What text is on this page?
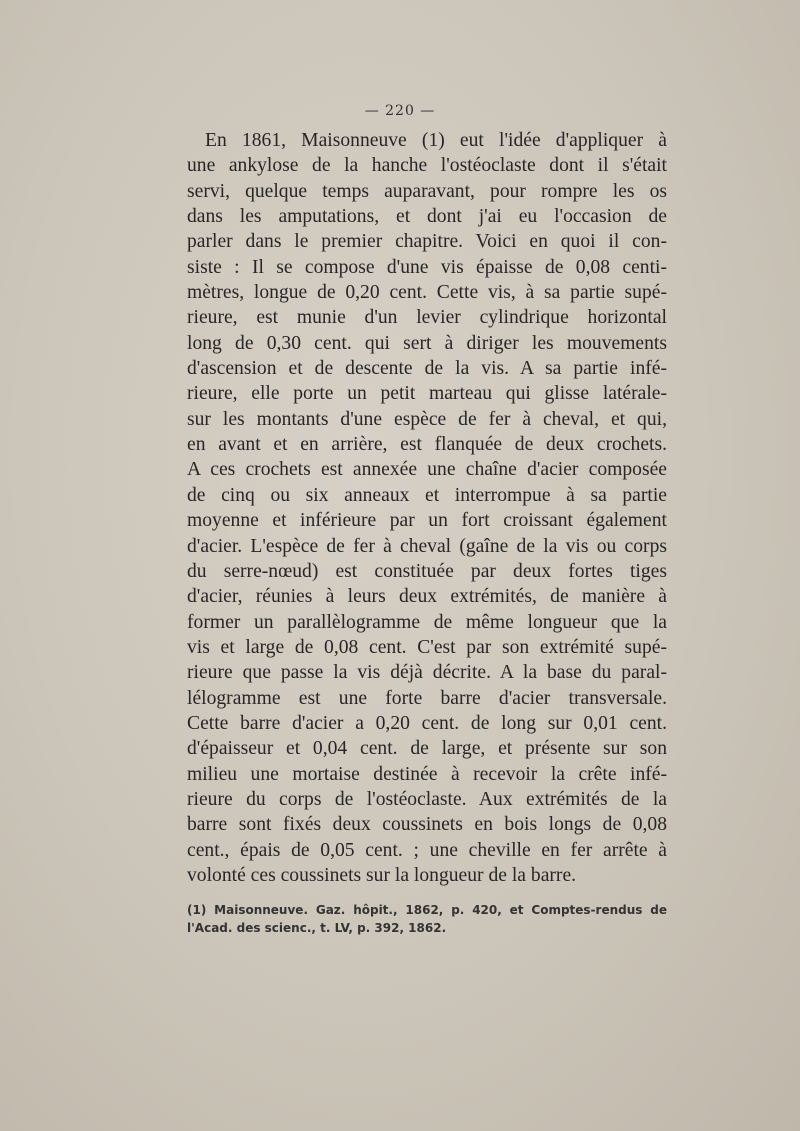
— 220 —
En 1861, Maisonneuve (1) eut l'idée d'appliquer à
une ankylose de la hanche l'ostéoclaste dont il s'était
servi, quelque temps auparavant, pour rompre les os
dans les amputations, et dont j'ai eu l'occasion de
parler dans le premier chapitre. Voici en quoi il con-
siste : Il se compose d'une vis épaisse de 0,08 centi-
mètres, longue de 0,20 cent. Cette vis, à sa partie supé-
rieure, est munie d'un levier cylindrique horizontal
long de 0,30 cent. qui sert à diriger les mouvements
d'ascension et de descente de la vis. A sa partie infé-
rieure, elle porte un petit marteau qui glisse latérale-
sur les montants d'une espèce de fer à cheval, et qui,
en avant et en arrière, est flanquée de deux crochets.
A ces crochets est annexée une chaîne d'acier composée
de cinq ou six anneaux et interrompue à sa partie
moyenne et inférieure par un fort croissant également
d'acier. L'espèce de fer à cheval (gaîne de la vis ou corps
du serre-nœud) est constituée par deux fortes tiges
d'acier, réunies à leurs deux extrémités, de manière à
former un parallèlogramme de même longueur que la
vis et large de 0,08 cent. C'est par son extrémité supé-
rieure que passe la vis déjà décrite. A la base du paral-
lélogramme est une forte barre d'acier transversale.
Cette barre d'acier a 0,20 cent. de long sur 0,01 cent.
d'épaisseur et 0,04 cent. de large, et présente sur son
milieu une mortaise destinée à recevoir la crête infé-
rieure du corps de l'ostéoclaste. Aux extrémités de la
barre sont fixés deux coussinets en bois longs de 0,08
cent., épais de 0,05 cent. ; une cheville en fer arrête à
volonté ces coussinets sur la longueur de la barre.
(1) Maisonneuve. Gaz. hôpit., 1862, p. 420, et Comptes-rendus de
l'Acad. des scienc., t. LV, p. 392, 1862.
